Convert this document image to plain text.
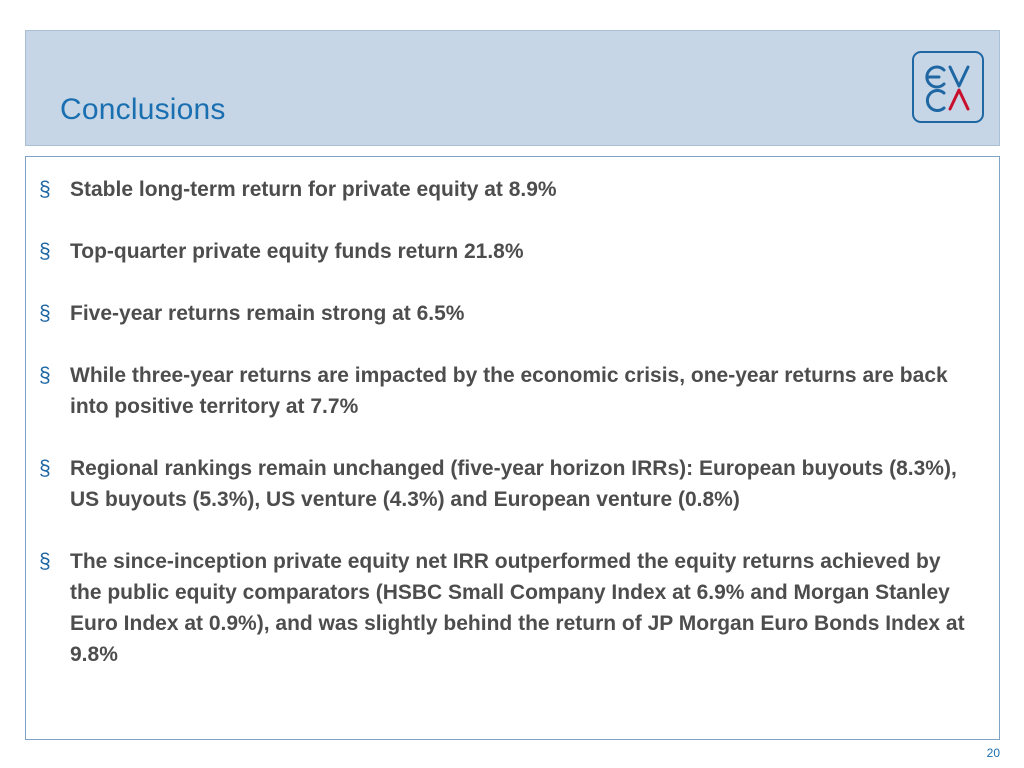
Conclusions
§ Stable long-term return for private equity at 8.9%
§ Top-quarter private equity funds return 21.8%
§ Five-year returns remain strong at 6.5%
§ While three-year returns are impacted by the economic crisis, one-year returns are back into positive territory at 7.7%
§ Regional rankings remain unchanged (five-year horizon IRRs): European buyouts (8.3%), US buyouts (5.3%), US venture (4.3%) and European venture (0.8%)
§ The since-inception private equity net IRR outperformed the equity returns achieved by the public equity comparators (HSBC Small Company Index at 6.9% and Morgan Stanley Euro Index at 0.9%), and was slightly behind the return of JP Morgan Euro Bonds Index at 9.8%
20
